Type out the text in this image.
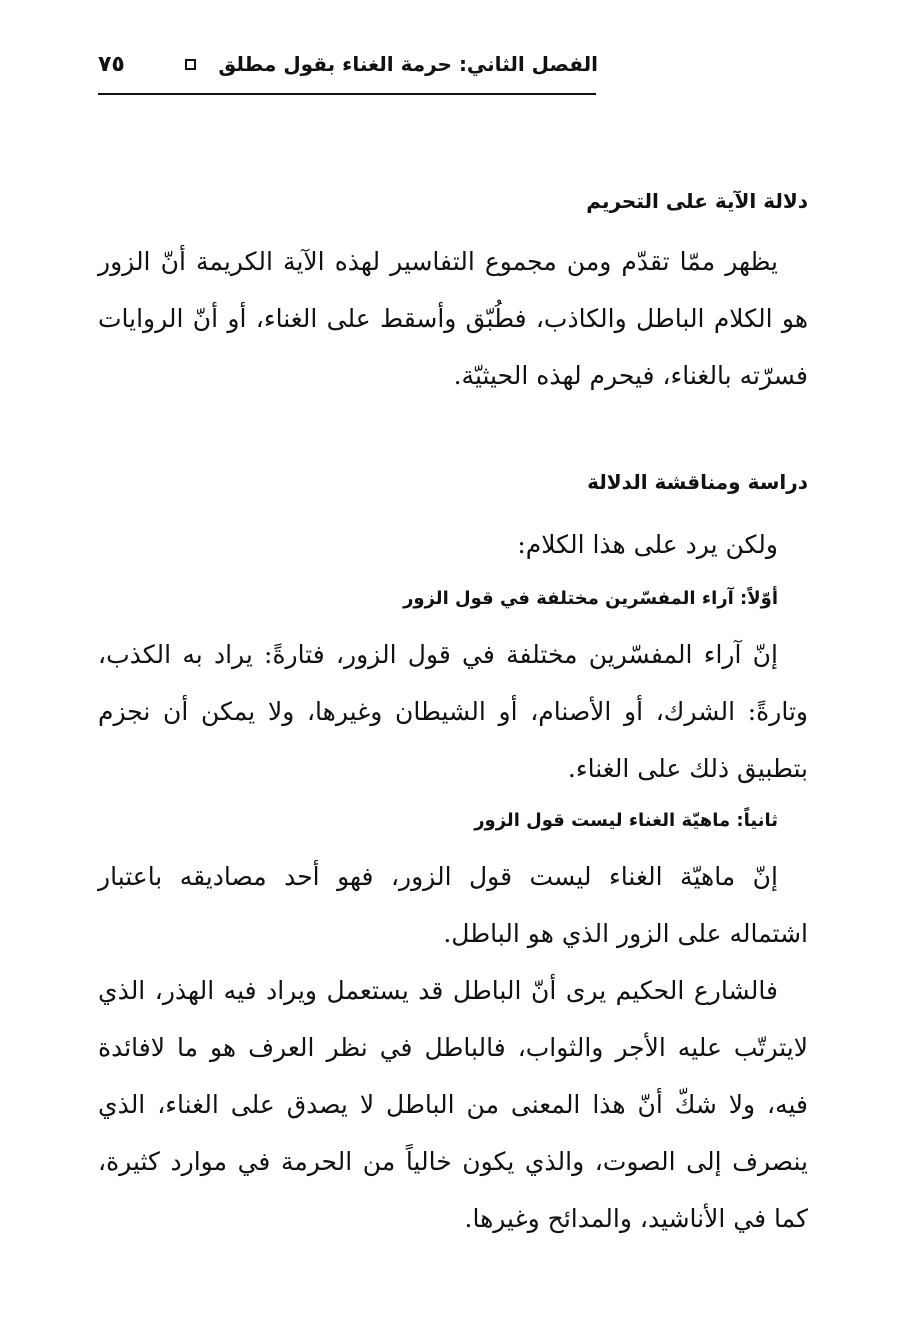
الفصل الثاني: حرمة الغناء بقول مطلق
٧٥
دلالة الآية على التحريم

يظهر ممّا تقدّم ومن مجموع التفاسير لهذه الآية الكريمة أنّ الزور هو الكلام الباطل والكاذب، فطُبّق وأسقط على الغناء، أو أنّ الروايات فسرّته بالغناء، فيحرم لهذه الحيثيّة.

دراسة ومناقشة الدلالة

ولكن يرد على هذا الكلام:

أوّلاً: آراء المفسّرين مختلفة في قول الزور

إنّ آراء المفسّرين مختلفة في قول الزور، فتارةً: يراد به الكذب، وتارةً: الشرك، أو الأصنام، أو الشيطان وغيرها، ولا يمكن أن نجزم بتطبيق ذلك على الغناء.

ثانياً: ماهيّة الغناء ليست قول الزور

إنّ ماهيّة الغناء ليست قول الزور، فهو أحد مصاديقه باعتبار اشتماله على الزور الذي هو الباطل.

فالشارع الحكيم يرى أنّ الباطل قد يستعمل ويراد فيه الهذر، الذي لايترتّب عليه الأجر والثواب، فالباطل في نظر العرف هو ما لافائدة فيه، ولا شكّ أنّ هذا المعنى من الباطل لا يصدق على الغناء، الذي ينصرف إلى الصوت، والذي يكون خالياً من الحرمة في موارد كثيرة، كما في الأناشيد، والمدائح وغيرها.
